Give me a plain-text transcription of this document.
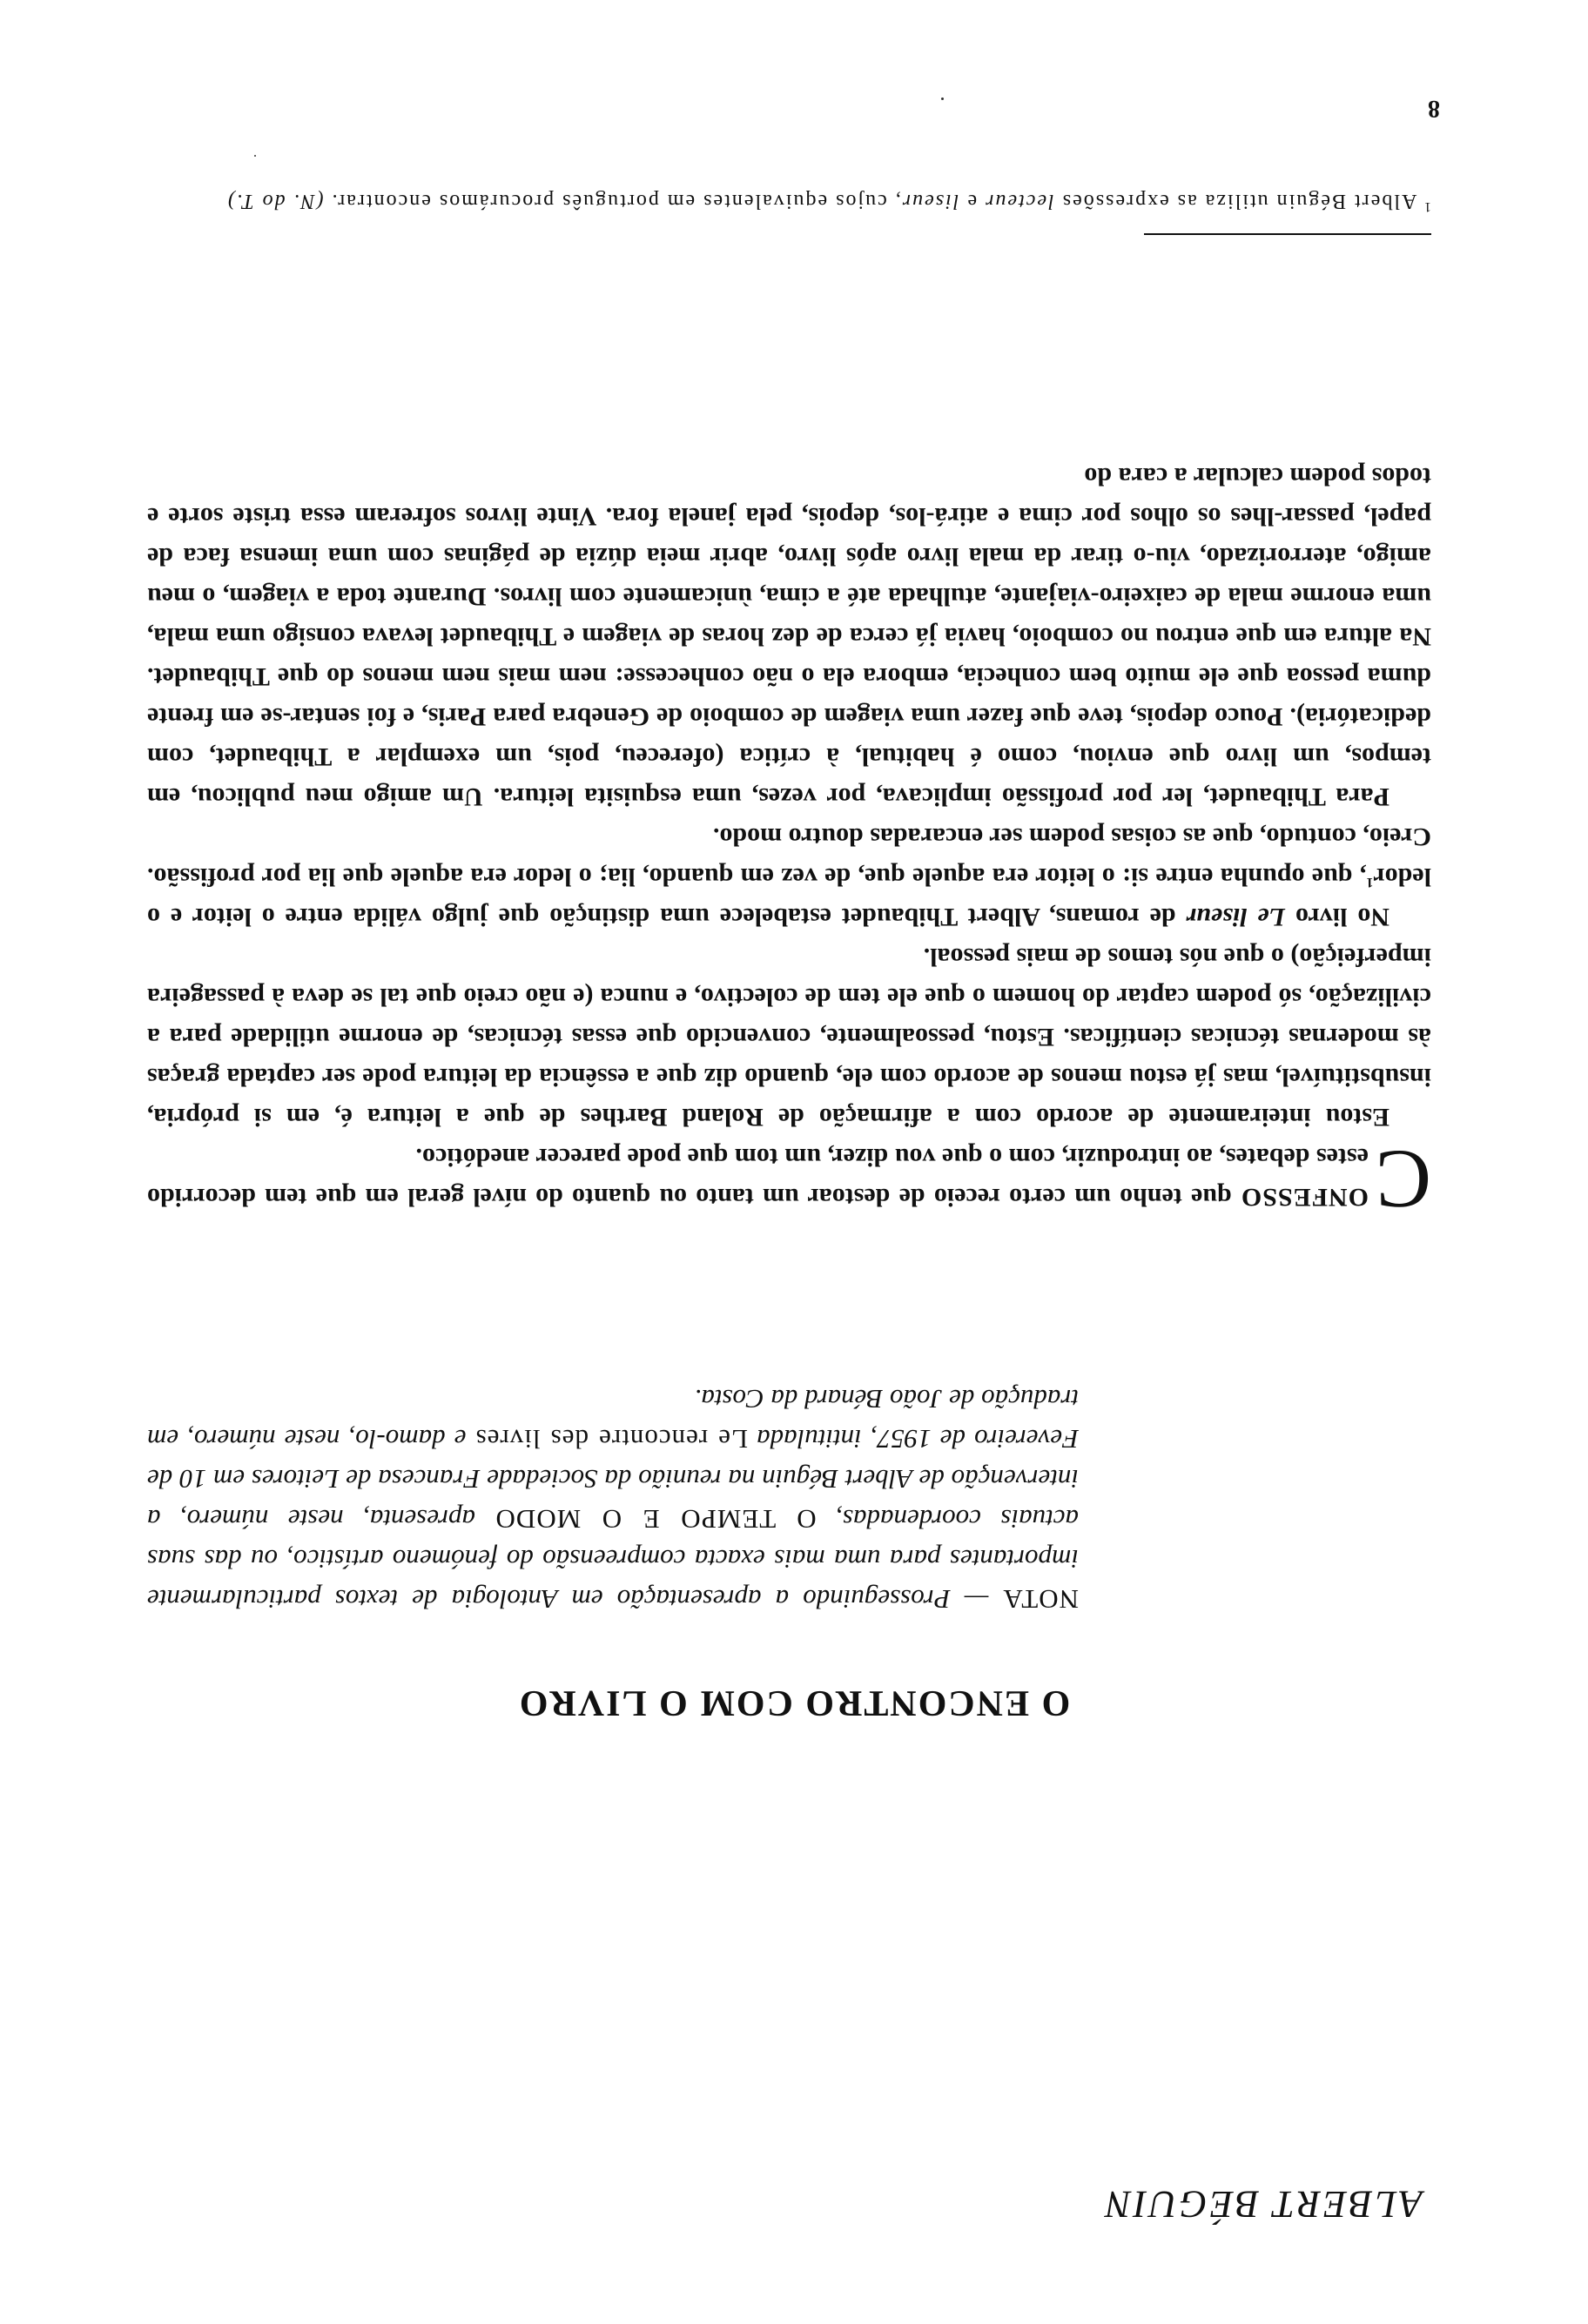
ALBERT BÉGUIN
O ENCONTRO COM O LIVRO
NOTA — Prosseguindo a apresentação em Antologia de textos particularmente importantes para uma mais exacta compreensão do fenómeno artístico, ou das suas actuais coordenadas, O TEMPO E O MODO apresenta, neste número, a intervenção de Albert Béguin na reunião da Sociedade Francesa de Leitores em 10 de Fevereiro de 1957, intitulada Le rencontre des livres e damo-lo, neste número, em tradução de João Bénard da Costa.

C
ONFESSO que tenho um certo receio de destoar um tanto ou quanto do nível geral em que tem decorrido estes debates, ao introduzir, com o que vou dizer, um tom que pode parecer anedótico.

Estou inteiramente de acordo com a afirmação de Roland Barthes de que a leitura é, em si própria, insubstituível, mas já estou menos de acordo com ele, quando diz que a essência da leitura pode ser captada graças às modernas técnicas científicas. Estou, pessoalmente, convencido que essas técnicas, de enorme utilidade para a civilização, só podem captar do homem o que ele tem de colectivo, e nunca (e não creio que tal se deva à passageira imperfeição) o que nós temos de mais pessoal.

No livro Le liseur de romans, Albert Thibaudet estabelece uma distinção que julgo válida entre o leitor e o ledor$^1$, que opunha entre si: o leitor era aquele que, de vez em quando, lia; o ledor era aquele que lia por profissão. Creio, contudo, que as coisas podem ser encaradas doutro modo.

Para Thibaudet, ler por profissão implicava, por vezes, uma esquisita leitura. Um amigo meu publicou, em tempos, um livro que enviou, como é habitual, à crítica (ofereceu, pois, um exemplar a Thibaudet, com dedicatória). Pouco depois, teve que fazer uma viagem de comboio de Genebra para Paris, e foi sentar-se em frente duma pessoa que ele muito bem conhecia, embora ela o não conhecesse: nem mais nem menos do que Thibaudet. Na altura em que entrou no comboio, havia já cerca de dez horas de viagem e Thibaudet levava consigo uma mala, uma enorme mala de caixeiro-viajante, atulhada até a cima, ùnicamente com livros. Durante toda a viagem, o meu amigo, aterrorizado, viu-o tirar da mala livro após livro, abrir meia dúzia de páginas com uma imensa faca de papel, passar-lhes os olhos por cima e atirá-los, depois, pela janela fora. Vinte livros sofreram essa triste sorte e todos podem calcular a cara do

$^1$ Albert Béguin utiliza as expressões lecteur e liseur, cujos equivalentes em português procurámos encontrar. (N. do T.)
8
